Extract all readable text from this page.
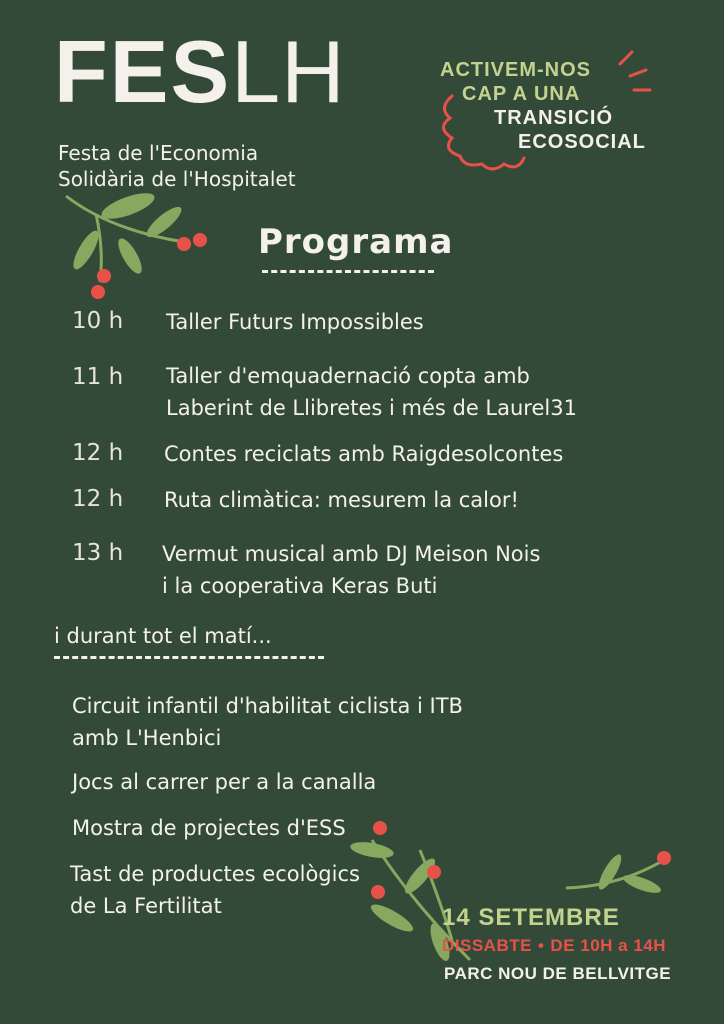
FESLH
Festa de l'Economia
Solidària de l'Hospitalet
ACTIVEM-NOS
CAP A UNA
TRANSICIÓ
ECOSOCIAL
Programa
10 h Taller Futurs Impossibles
11 h Taller d'emquadernació copta amb
Laberint de Llibretes i més de Laurel31
12 h Contes reciclats amb Raigdesolcontes
12 h Ruta climàtica: mesurem la calor!
13 h Vermut musical amb DJ Meison Nois
i la cooperativa Keras Buti
i durant tot el matí...
Circuit infantil d'habilitat ciclista i ITB
amb L'Henbici
Jocs al carrer per a la canalla
Mostra de projectes d'ESS
Tast de productes ecològics
de La Fertilitat	14 SETEMBRE
DISSABTE • DE 10H a 14H
PARC NOU DE BELLVITGE
